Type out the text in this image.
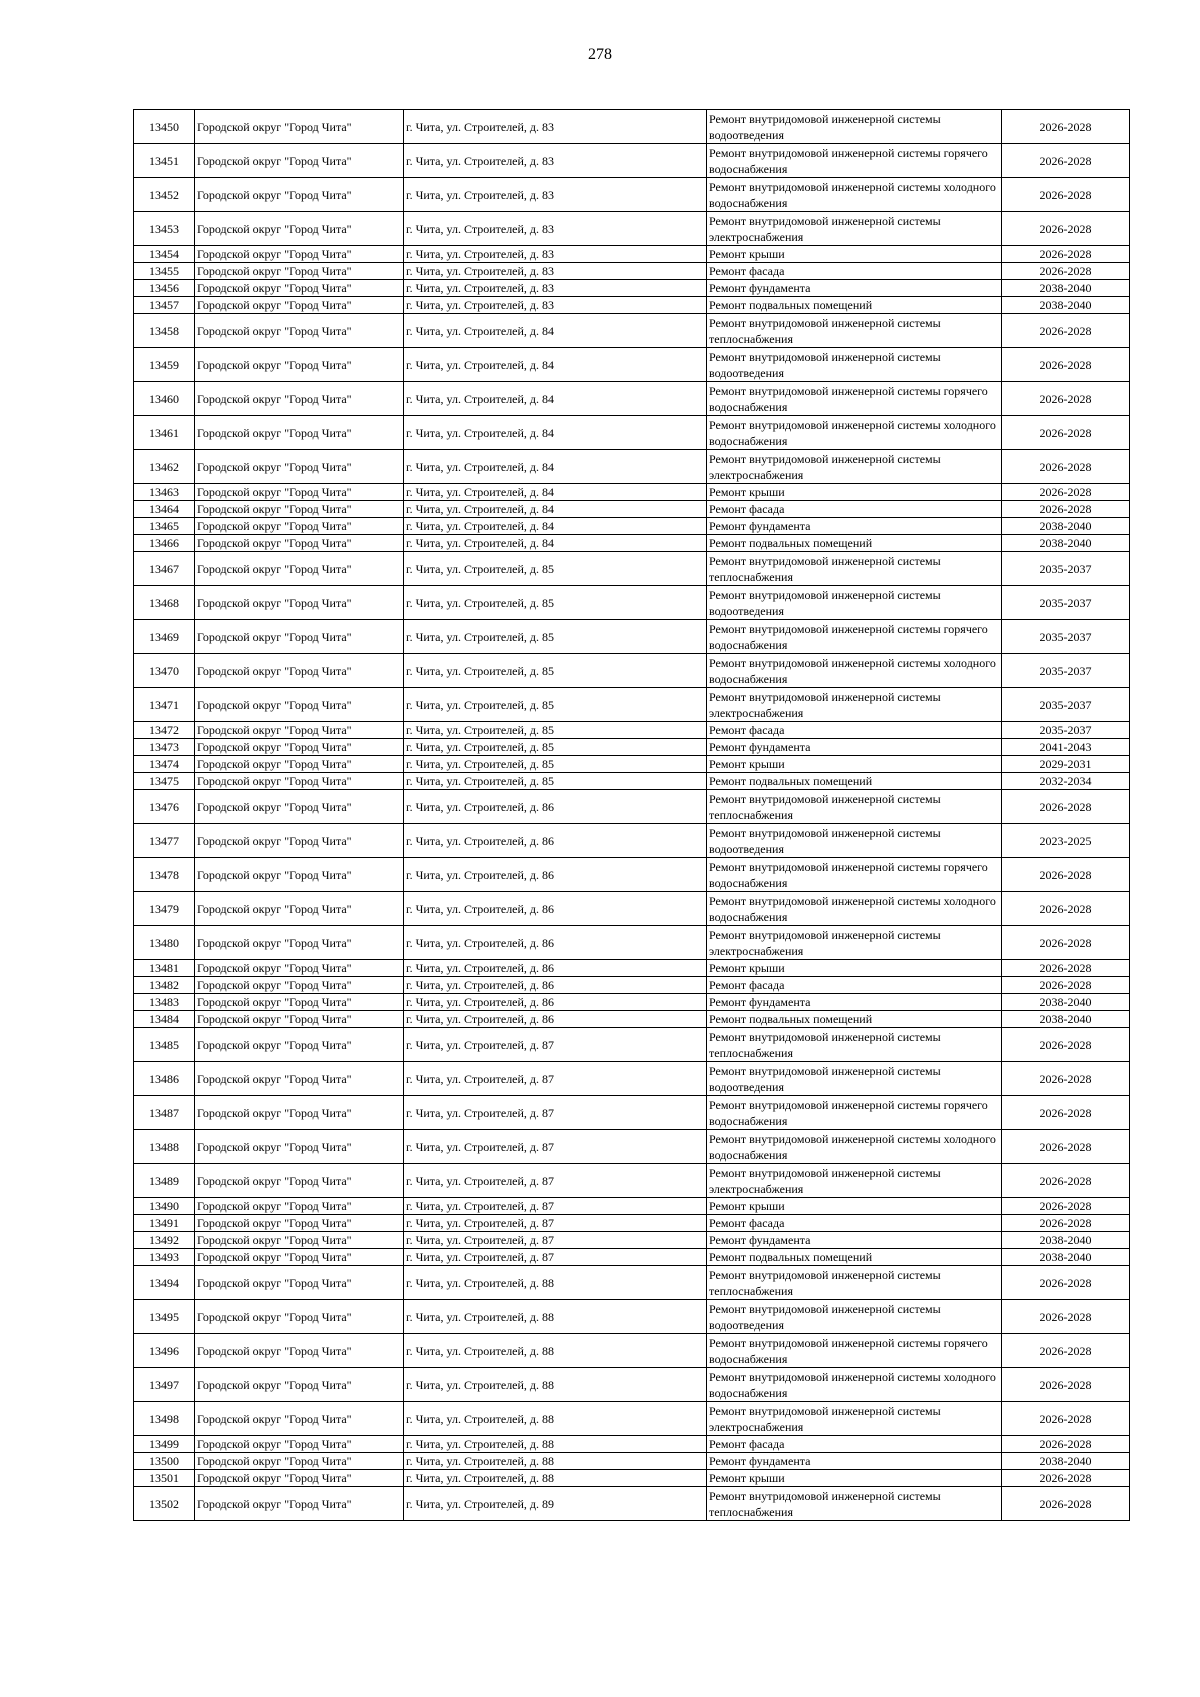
278
13450	Городской округ "Город Чита"	г. Чита, ул. Строителей, д. 83	Ремонт внутридомовой инженерной системы водоотведения	2026-2028
13451	Городской округ "Город Чита"	г. Чита, ул. Строителей, д. 83	Ремонт внутридомовой инженерной системы горячего водоснабжения	2026-2028
13452	Городской округ "Город Чита"	г. Чита, ул. Строителей, д. 83	Ремонт внутридомовой инженерной системы холодного водоснабжения	2026-2028
13453	Городской округ "Город Чита"	г. Чита, ул. Строителей, д. 83	Ремонт внутридомовой инженерной системы электроснабжения	2026-2028
13454	Городской округ "Город Чита"	г. Чита, ул. Строителей, д. 83	Ремонт крыши	2026-2028
13455	Городской округ "Город Чита"	г. Чита, ул. Строителей, д. 83	Ремонт фасада	2026-2028
13456	Городской округ "Город Чита"	г. Чита, ул. Строителей, д. 83	Ремонт фундамента	2038-2040
13457	Городской округ "Город Чита"	г. Чита, ул. Строителей, д. 83	Ремонт подвальных помещений	2038-2040
13458	Городской округ "Город Чита"	г. Чита, ул. Строителей, д. 84	Ремонт внутридомовой инженерной системы теплоснабжения	2026-2028
13459	Городской округ "Город Чита"	г. Чита, ул. Строителей, д. 84	Ремонт внутридомовой инженерной системы водоотведения	2026-2028
13460	Городской округ "Город Чита"	г. Чита, ул. Строителей, д. 84	Ремонт внутридомовой инженерной системы горячего водоснабжения	2026-2028
13461	Городской округ "Город Чита"	г. Чита, ул. Строителей, д. 84	Ремонт внутридомовой инженерной системы холодного водоснабжения	2026-2028
13462	Городской округ "Город Чита"	г. Чита, ул. Строителей, д. 84	Ремонт внутридомовой инженерной системы электроснабжения	2026-2028
13463	Городской округ "Город Чита"	г. Чита, ул. Строителей, д. 84	Ремонт крыши	2026-2028
13464	Городской округ "Город Чита"	г. Чита, ул. Строителей, д. 84	Ремонт фасада	2026-2028
13465	Городской округ "Город Чита"	г. Чита, ул. Строителей, д. 84	Ремонт фундамента	2038-2040
13466	Городской округ "Город Чита"	г. Чита, ул. Строителей, д. 84	Ремонт подвальных помещений	2038-2040
13467	Городской округ "Город Чита"	г. Чита, ул. Строителей, д. 85	Ремонт внутридомовой инженерной системы теплоснабжения	2035-2037
13468	Городской округ "Город Чита"	г. Чита, ул. Строителей, д. 85	Ремонт внутридомовой инженерной системы водоотведения	2035-2037
13469	Городской округ "Город Чита"	г. Чита, ул. Строителей, д. 85	Ремонт внутридомовой инженерной системы горячего водоснабжения	2035-2037
13470	Городской округ "Город Чита"	г. Чита, ул. Строителей, д. 85	Ремонт внутридомовой инженерной системы холодного водоснабжения	2035-2037
13471	Городской округ "Город Чита"	г. Чита, ул. Строителей, д. 85	Ремонт внутридомовой инженерной системы электроснабжения	2035-2037
13472	Городской округ "Город Чита"	г. Чита, ул. Строителей, д. 85	Ремонт фасада	2035-2037
13473	Городской округ "Город Чита"	г. Чита, ул. Строителей, д. 85	Ремонт фундамента	2041-2043
13474	Городской округ "Город Чита"	г. Чита, ул. Строителей, д. 85	Ремонт крыши	2029-2031
13475	Городской округ "Город Чита"	г. Чита, ул. Строителей, д. 85	Ремонт подвальных помещений	2032-2034
13476	Городской округ "Город Чита"	г. Чита, ул. Строителей, д. 86	Ремонт внутридомовой инженерной системы теплоснабжения	2026-2028
13477	Городской округ "Город Чита"	г. Чита, ул. Строителей, д. 86	Ремонт внутридомовой инженерной системы водоотведения	2023-2025
13478	Городской округ "Город Чита"	г. Чита, ул. Строителей, д. 86	Ремонт внутридомовой инженерной системы горячего водоснабжения	2026-2028
13479	Городской округ "Город Чита"	г. Чита, ул. Строителей, д. 86	Ремонт внутридомовой инженерной системы холодного водоснабжения	2026-2028
13480	Городской округ "Город Чита"	г. Чита, ул. Строителей, д. 86	Ремонт внутридомовой инженерной системы электроснабжения	2026-2028
13481	Городской округ "Город Чита"	г. Чита, ул. Строителей, д. 86	Ремонт крыши	2026-2028
13482	Городской округ "Город Чита"	г. Чита, ул. Строителей, д. 86	Ремонт фасада	2026-2028
13483	Городской округ "Город Чита"	г. Чита, ул. Строителей, д. 86	Ремонт фундамента	2038-2040
13484	Городской округ "Город Чита"	г. Чита, ул. Строителей, д. 86	Ремонт подвальных помещений	2038-2040
13485	Городской округ "Город Чита"	г. Чита, ул. Строителей, д. 87	Ремонт внутридомовой инженерной системы теплоснабжения	2026-2028
13486	Городской округ "Город Чита"	г. Чита, ул. Строителей, д. 87	Ремонт внутридомовой инженерной системы водоотведения	2026-2028
13487	Городской округ "Город Чита"	г. Чита, ул. Строителей, д. 87	Ремонт внутридомовой инженерной системы горячего водоснабжения	2026-2028
13488	Городской округ "Город Чита"	г. Чита, ул. Строителей, д. 87	Ремонт внутридомовой инженерной системы холодного водоснабжения	2026-2028
13489	Городской округ "Город Чита"	г. Чита, ул. Строителей, д. 87	Ремонт внутридомовой инженерной системы электроснабжения	2026-2028
13490	Городской округ "Город Чита"	г. Чита, ул. Строителей, д. 87	Ремонт крыши	2026-2028
13491	Городской округ "Город Чита"	г. Чита, ул. Строителей, д. 87	Ремонт фасада	2026-2028
13492	Городской округ "Город Чита"	г. Чита, ул. Строителей, д. 87	Ремонт фундамента	2038-2040
13493	Городской округ "Город Чита"	г. Чита, ул. Строителей, д. 87	Ремонт подвальных помещений	2038-2040
13494	Городской округ "Город Чита"	г. Чита, ул. Строителей, д. 88	Ремонт внутридомовой инженерной системы теплоснабжения	2026-2028
13495	Городской округ "Город Чита"	г. Чита, ул. Строителей, д. 88	Ремонт внутридомовой инженерной системы водоотведения	2026-2028
13496	Городской округ "Город Чита"	г. Чита, ул. Строителей, д. 88	Ремонт внутридомовой инженерной системы горячего водоснабжения	2026-2028
13497	Городской округ "Город Чита"	г. Чита, ул. Строителей, д. 88	Ремонт внутридомовой инженерной системы холодного водоснабжения	2026-2028
13498	Городской округ "Город Чита"	г. Чита, ул. Строителей, д. 88	Ремонт внутридомовой инженерной системы электроснабжения	2026-2028
13499	Городской округ "Город Чита"	г. Чита, ул. Строителей, д. 88	Ремонт фасада	2026-2028
13500	Городской округ "Город Чита"	г. Чита, ул. Строителей, д. 88	Ремонт фундамента	2038-2040
13501	Городской округ "Город Чита"	г. Чита, ул. Строителей, д. 88	Ремонт крыши	2026-2028
13502	Городской округ "Город Чита"	г. Чита, ул. Строителей, д. 89	Ремонт внутридомовой инженерной системы теплоснабжения	2026-2028
